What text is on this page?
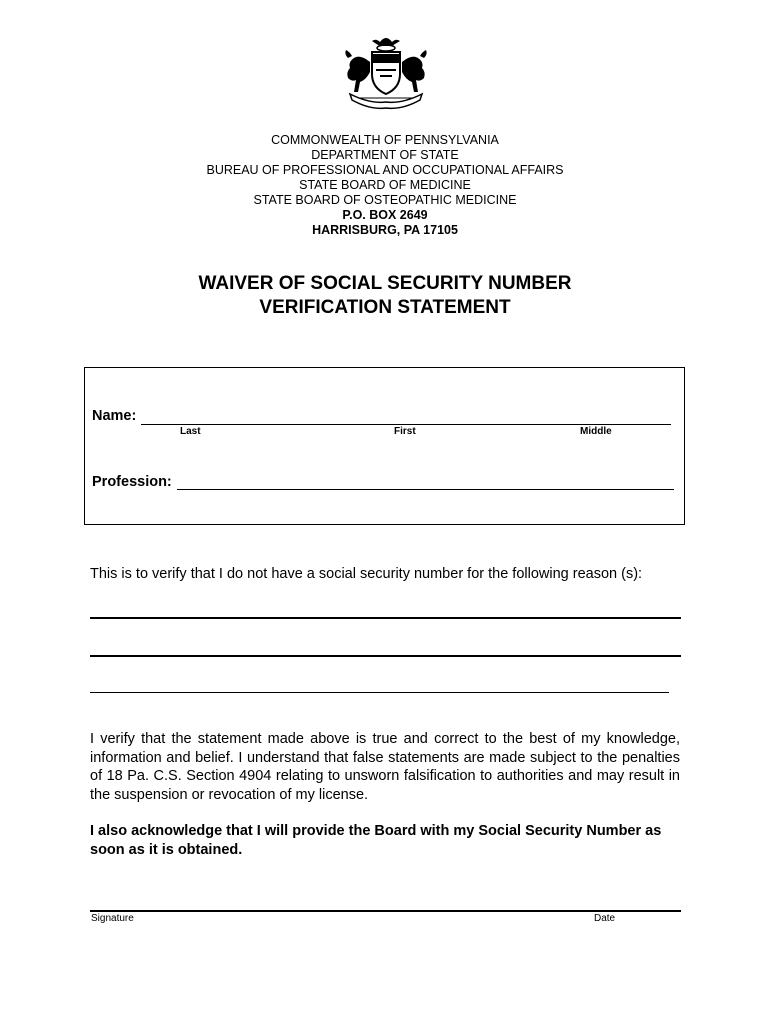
COMMONWEALTH OF PENNSYLVANIA
DEPARTMENT OF STATE
BUREAU OF PROFESSIONAL AND OCCUPATIONAL AFFAIRS
STATE BOARD OF MEDICINE
STATE BOARD OF OSTEOPATHIC MEDICINE
P.O. BOX 2649
HARRISBURG, PA 17105
WAIVER OF SOCIAL SECURITY NUMBER
VERIFICATION STATEMENT
Name:
Last	First	Middle
Profession:
This is to verify that I do not have a social security number for the following reason (s):
I verify that the statement made above is true and correct to the best of my knowledge, information and belief. I understand that false statements are made subject to the penalties of 18 Pa. C.S. Section 4904 relating to unsworn falsification to authorities and may result in the suspension or revocation of my license.
I also acknowledge that I will provide the Board with my Social Security Number as soon as it is obtained.
Signature	Date
